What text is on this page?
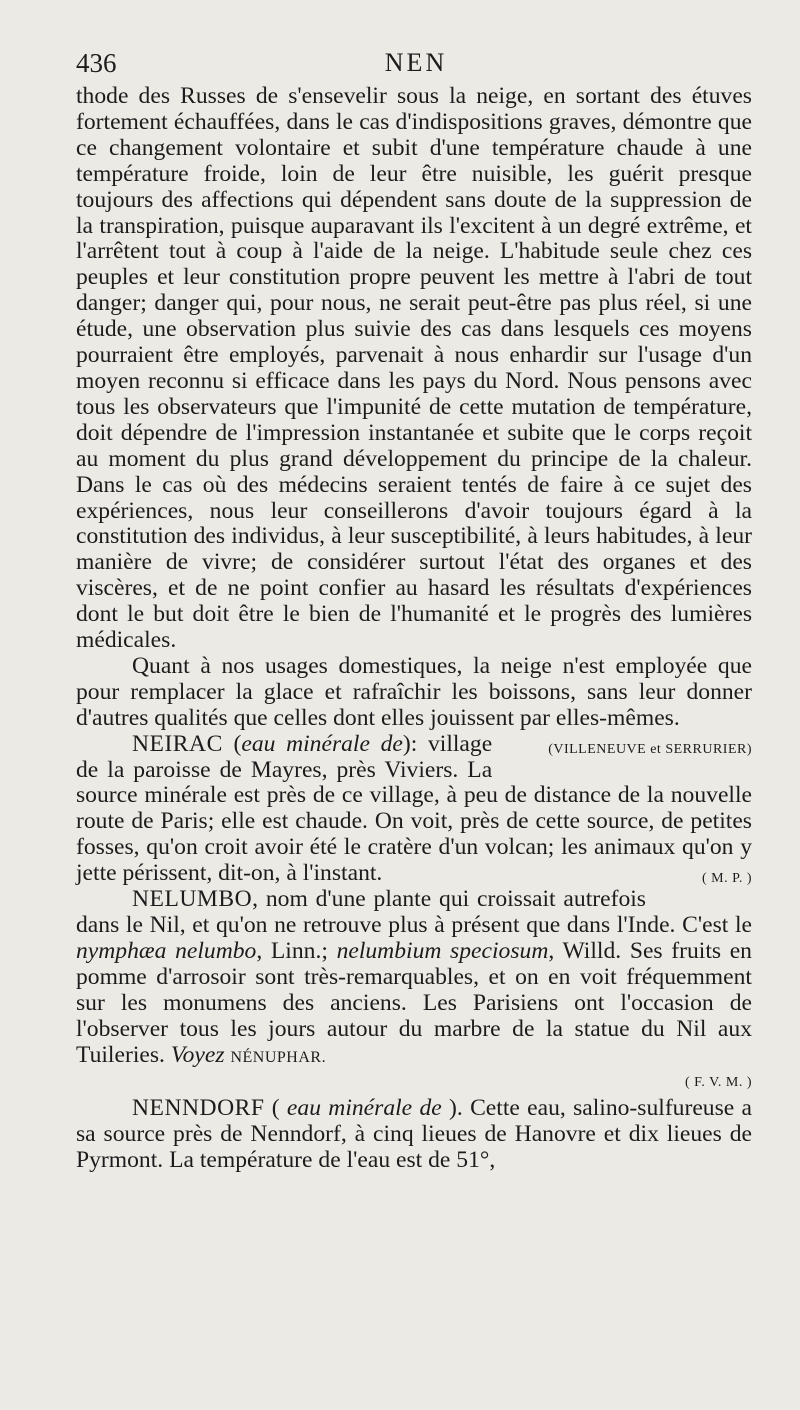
436	NEN

thode des Russes de s'ensevelir sous la neige, en sortant des étuves fortement échauffées, dans le cas d'indispositions graves, démontre que ce changement volontaire et subit d'une température chaude à une température froide, loin de leur être nuisible, les guérit presque toujours des affections qui dépendent sans doute de la suppression de la transpiration, puisque auparavant ils l'excitent à un degré extrême, et l'arrêtent tout à coup à l'aide de la neige. L'habitude seule chez ces peuples et leur constitution propre peuvent les mettre à l'abri de tout danger; danger qui, pour nous, ne serait peut-être pas plus réel, si une étude, une observation plus suivie des cas dans lesquels ces moyens pourraient être employés, parvenait à nous enhardir sur l'usage d'un moyen reconnu si efficace dans les pays du Nord. Nous pensons avec tous les observateurs que l'impunité de cette mutation de température, doit dépendre de l'impression instantanée et subite que le corps reçoit au moment du plus grand développement du principe de la chaleur. Dans le cas où des médecins seraient tentés de faire à ce sujet des expériences, nous leur conseillerons d'avoir toujours égard à la constitution des individus, à leur susceptibilité, à leurs habitudes, à leur manière de vivre; de considérer surtout l'état des organes et des viscères, et de ne point confier au hasard les résultats d'expériences dont le but doit être le bien de l'humanité et le progrès des lumières médicales.

Quant à nos usages domestiques, la neige n'est employée que pour remplacer la glace et rafraîchir les boissons, sans leur donner d'autres qualités que celles dont elles jouissent par elles-mêmes.
(VILLENEUVE et SERRURIER)

NEIRAC (eau minérale de): village de la paroisse de Mayres, près Viviers. La source minérale est près de ce village, à peu de distance de la nouvelle route de Paris; elle est chaude. On voit, près de cette source, de petites fosses, qu'on croit avoir été le cratère d'un volcan; les animaux qu'on y jette périssent, dit-on, à l'instant.	( M. P. )

NELUMBO, nom d'une plante qui croissait autrefois dans le Nil, et qu'on ne retrouve plus à présent que dans l'Inde. C'est le nymphæa nelumbo, Linn.; nelumbium speciosum, Willd. Ses fruits en pomme d'arrosoir sont très-remarquables, et on en voit fréquemment sur les monumens des anciens. Les Parisiens ont l'occasion de l'observer tous les jours autour du marbre de la statue du Nil aux Tuileries. Voyez NÉNUPHAR.

( F. V. M. )

NENNDORF ( eau minérale de ). Cette eau, salino-sulfureuse a sa source près de Nenndorf, à cinq lieues de Hanovre et dix lieues de Pyrmont. La température de l'eau est de 51°,
